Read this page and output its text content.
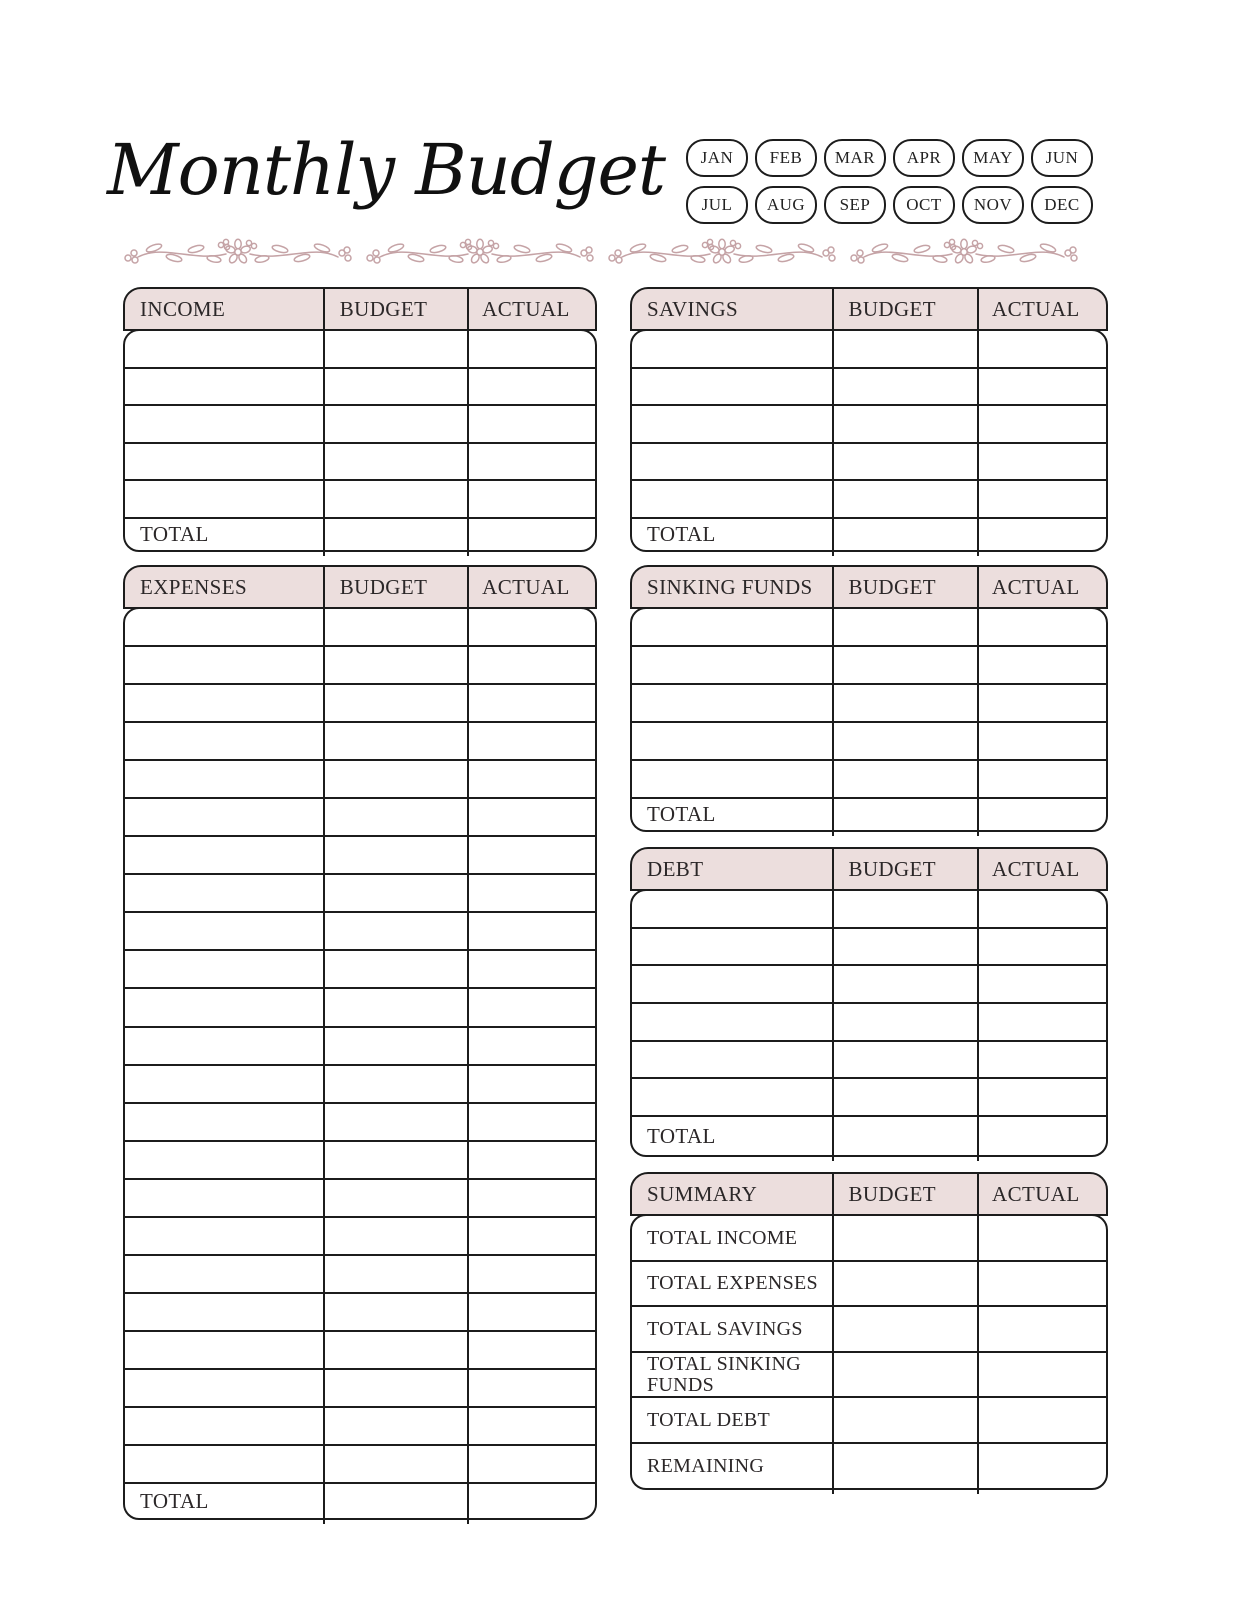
Monthly Budget	JAN	FEB	MAR	APR	MAY	JUN
JUL	AUG	SEP	OCT	NOV	DEC
INCOME	BUDGET	ACTUAL
TOTAL
SAVINGS	BUDGET	ACTUAL
TOTAL
EXPENSES	BUDGET	ACTUAL
TOTAL
SINKING FUNDS	BUDGET	ACTUAL
TOTAL
DEBT	BUDGET	ACTUAL
TOTAL
SUMMARY	BUDGET	ACTUAL
TOTAL INCOME
TOTAL EXPENSES
TOTAL SAVINGS
TOTAL SINKING FUNDS
TOTAL DEBT
REMAINING
